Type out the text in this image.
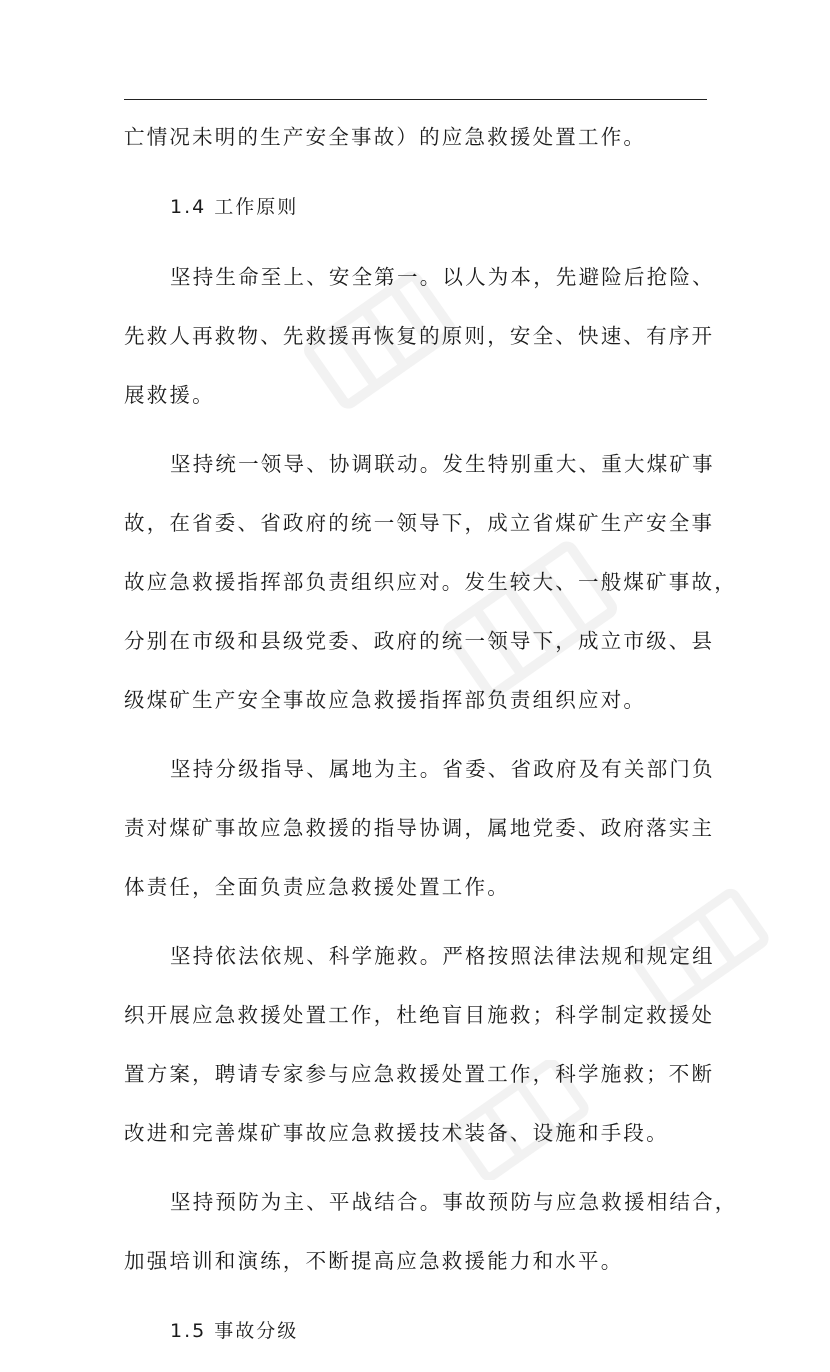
亡情况未明的生产安全事故）的应急救援处置工作。

1.4 工作原则

坚持生命至上、安全第一。以人为本，先避险后抢险、
先救人再救物、先救援再恢复的原则，安全、快速、有序开
展救援。

坚持统一领导、协调联动。发生特别重大、重大煤矿事
故，在省委、省政府的统一领导下，成立省煤矿生产安全事
故应急救援指挥部负责组织应对。发生较大、一般煤矿事故，
分别在市级和县级党委、政府的统一领导下，成立市级、县
级煤矿生产安全事故应急救援指挥部负责组织应对。

坚持分级指导、属地为主。省委、省政府及有关部门负
责对煤矿事故应急救援的指导协调，属地党委、政府落实主
体责任，全面负责应急救援处置工作。

坚持依法依规、科学施救。严格按照法律法规和规定组
织开展应急救援处置工作，杜绝盲目施救；科学制定救援处
置方案，聘请专家参与应急救援处置工作，科学施救；不断
改进和完善煤矿事故应急救援技术装备、设施和手段。

坚持预防为主、平战结合。事故预防与应急救援相结合，
加强培训和演练，不断提高应急救援能力和水平。

1.5 事故分级
